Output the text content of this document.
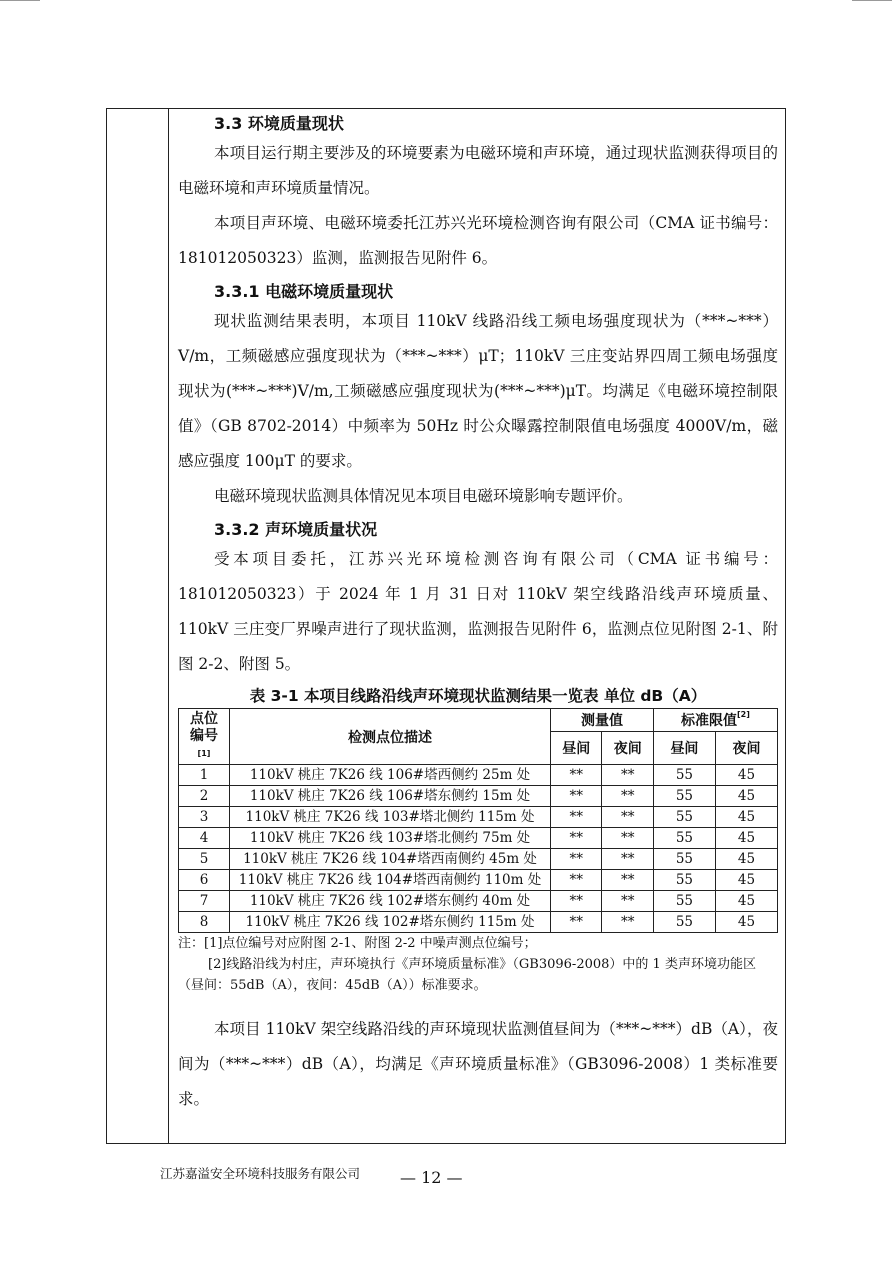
3.3 环境质量现状

本项目运行期主要涉及的环境要素为电磁环境和声环境，通过现状监测获得项目的电磁环境和声环境质量情况。

本项目声环境、电磁环境委托江苏兴光环境检测咨询有限公司（CMA 证书编号：181012050323）监测，监测报告见附件 6。

3.3.1 电磁环境质量现状

现状监测结果表明，本项目 110kV 线路沿线工频电场强度现状为（***~***）V/m，工频磁感应强度现状为（***~***）μT；110kV 三庄变站界四周工频电场强度现状为(***~***)V/m,工频磁感应强度现状为(***~***)μT。均满足《电磁环境控制限值》（GB 8702-2014）中频率为 50Hz 时公众曝露控制限值电场强度 4000V/m，磁感应强度 100μT 的要求。

电磁环境现状监测具体情况见本项目电磁环境影响专题评价。

3.3.2 声环境质量状况

受本项目委托，江苏兴光环境检测咨询有限公司（CMA 证书编号：181012050323）于 2024 年 1 月 31 日对 110kV 架空线路沿线声环境质量、110kV 三庄变厂界噪声进行了现状监测，监测报告见附件 6，监测点位见附图 2-1、附图 2-2、附图 5。

表 3-1 本项目线路沿线声环境现状监测结果一览表 单位 dB（A）
点位
编号
[1]	检测点位描述	测量值		标准限值[2]
		昼间	夜间	昼间	夜间
1	110kV 桃庄 7K26 线 106#塔西侧约 25m 处	**	**	55	45
2	110kV 桃庄 7K26 线 106#塔东侧约 15m 处	**	**	55	45
3	110kV 桃庄 7K26 线 103#塔北侧约 115m 处	**	**	55	45
4	110kV 桃庄 7K26 线 103#塔北侧约 75m 处	**	**	55	45
5	110kV 桃庄 7K26 线 104#塔西南侧约 45m 处	**	**	55	45
6	110kV 桃庄 7K26 线 104#塔西南侧约 110m 处	**	**	55	45
7	110kV 桃庄 7K26 线 102#塔东侧约 40m 处	**	**	55	45
8	110kV 桃庄 7K26 线 102#塔东侧约 115m 处	**	**	55	45

注：[1]点位编号对应附图 2-1、附图 2-2 中噪声测点位编号；

[2]线路沿线为村庄，声环境执行《声环境质量标准》（GB3096-2008）中的 1 类声环境功能区（昼间：55dB（A），夜间：45dB（A））标准要求。

本项目 110kV 架空线路沿线的声环境现状监测值昼间为（***~***）dB（A），夜间为（***~***）dB（A），均满足《声环境质量标准》（GB3096-2008）1 类标准要求。

江苏嘉溢安全环境科技服务有限公司 — 12 —
